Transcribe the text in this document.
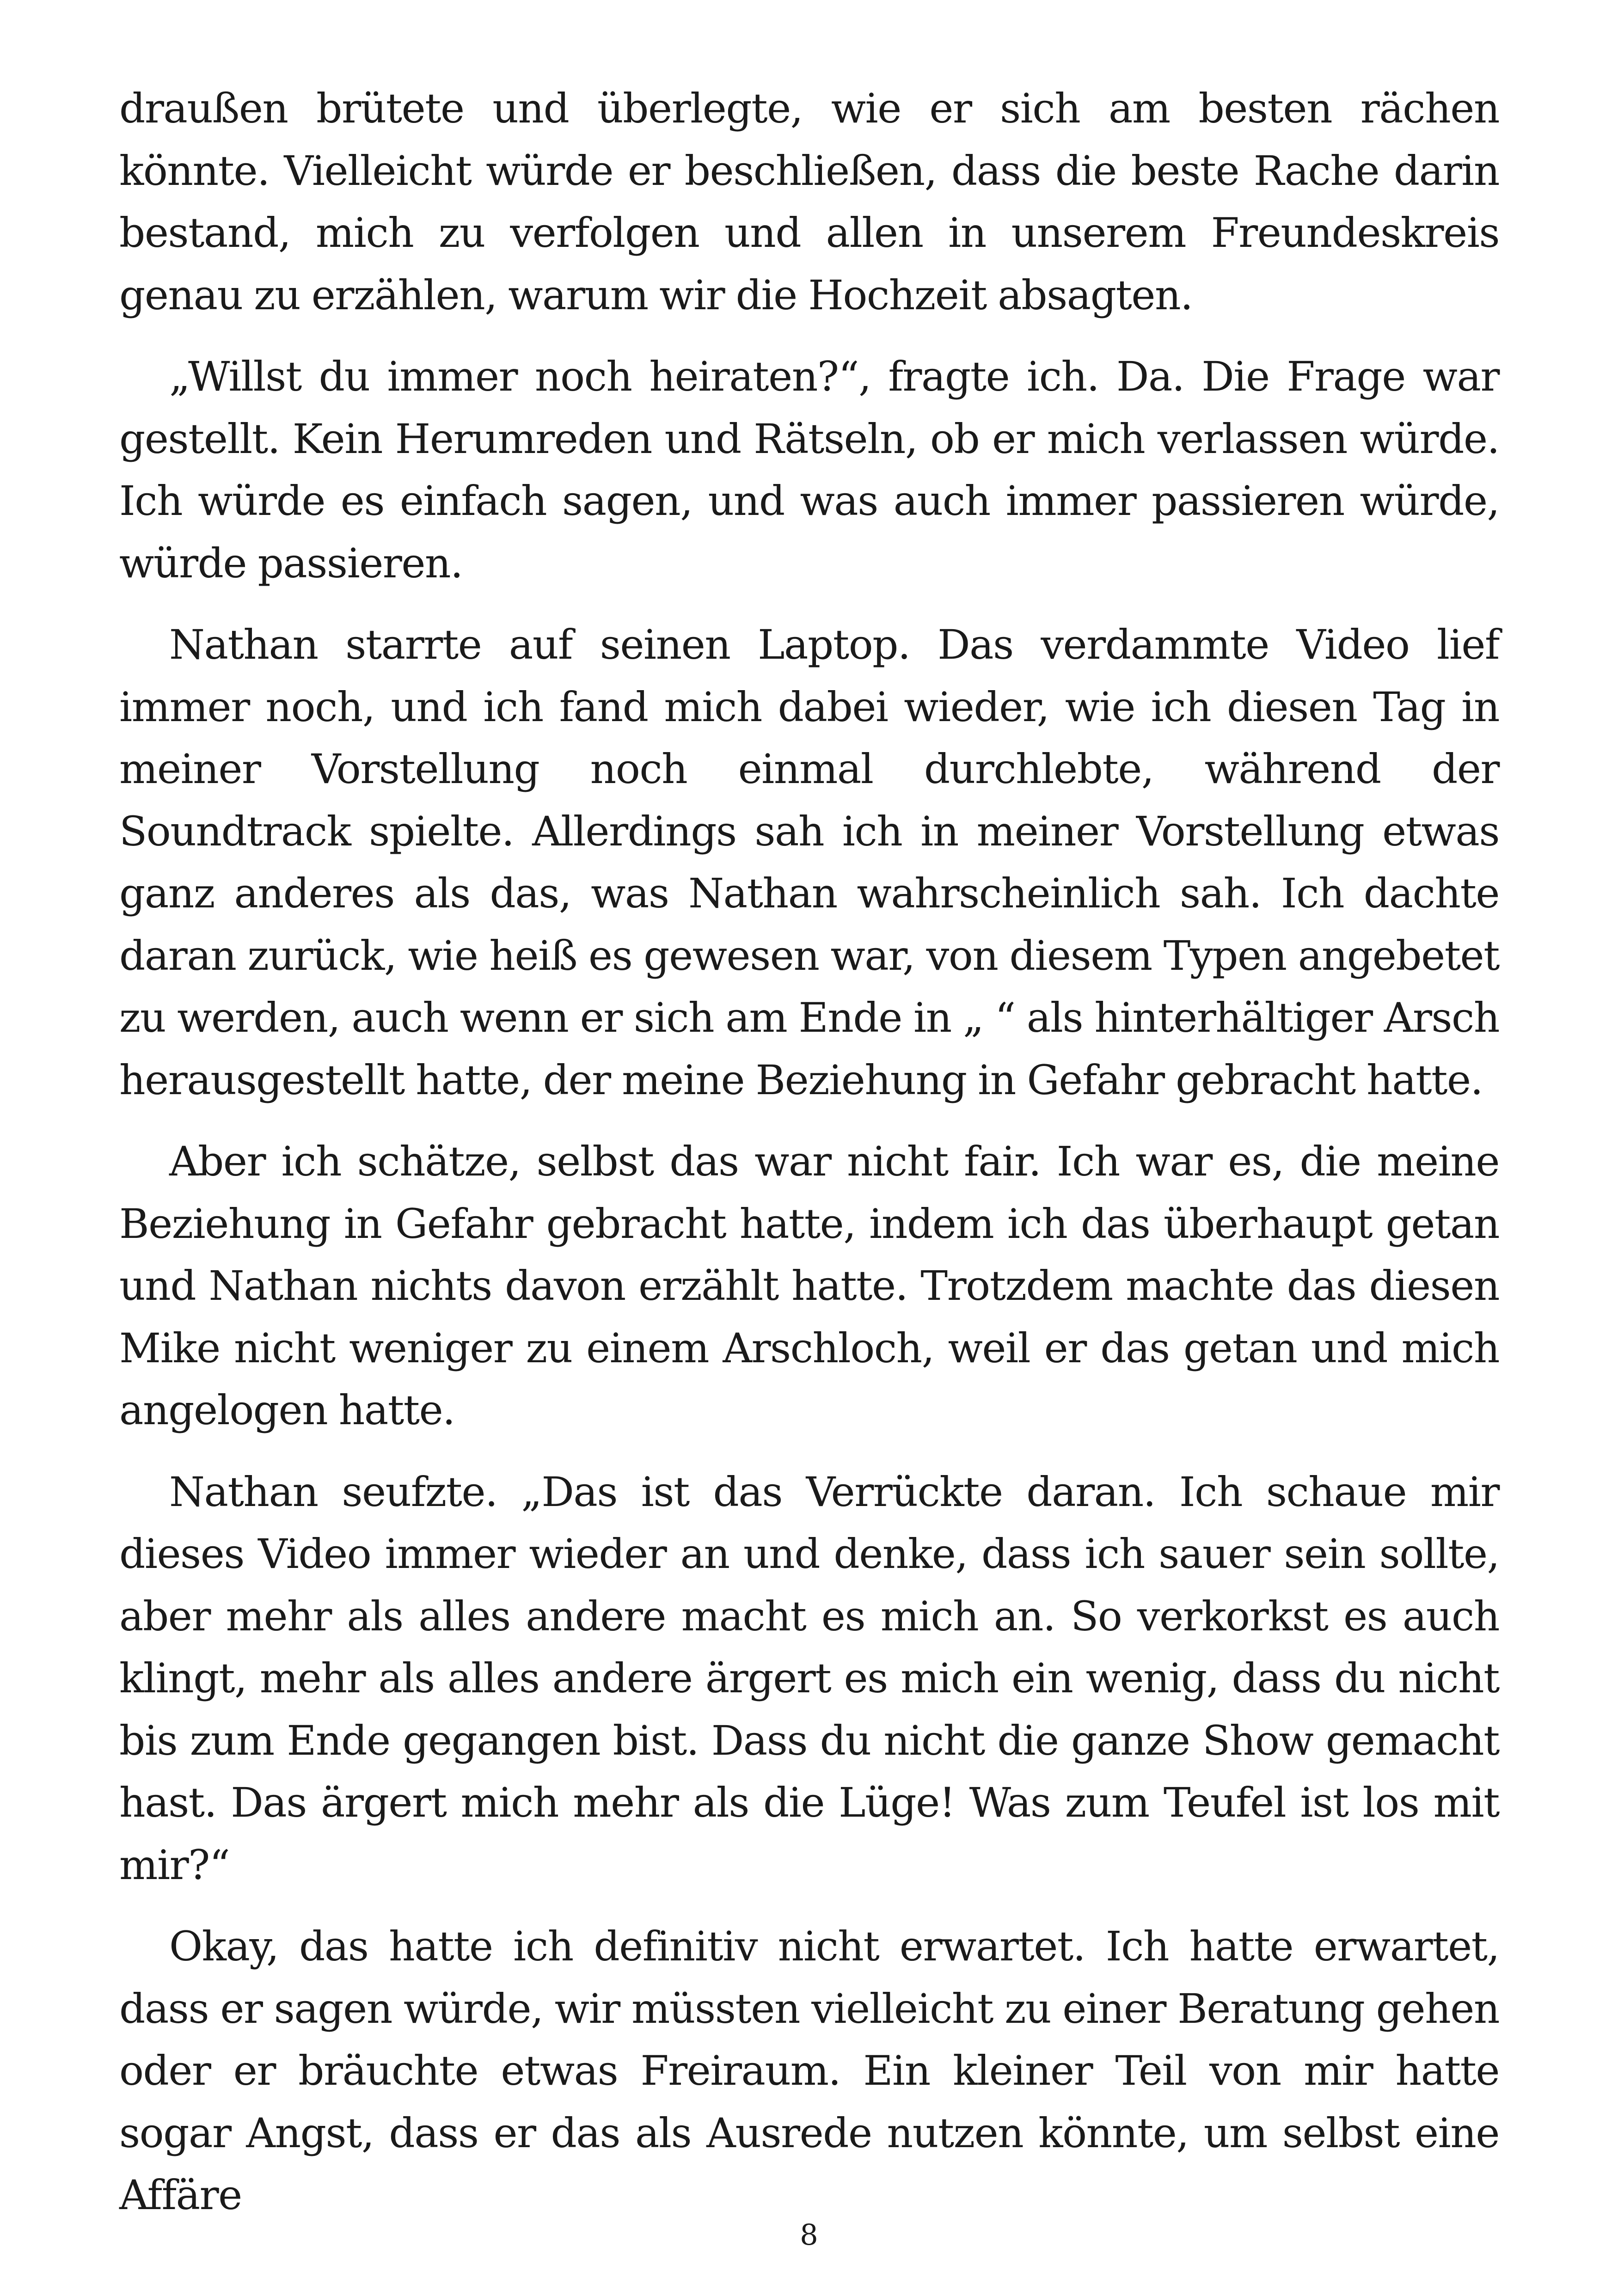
draußen brütete und überlegte, wie er sich am besten rächen könnte. Vielleicht würde er beschließen, dass die beste Rache darin bestand, mich zu verfolgen und allen in unserem Freundeskreis genau zu erzählen, warum wir die Hochzeit absagten.

„Willst du immer noch heiraten?“, fragte ich. Da. Die Frage war gestellt. Kein Herumreden und Rätseln, ob er mich verlassen würde. Ich würde es einfach sagen, und was auch immer passieren würde, würde passieren.

Nathan starrte auf seinen Laptop. Das verdammte Video lief immer noch, und ich fand mich dabei wieder, wie ich diesen Tag in meiner Vorstellung noch einmal durchlebte, während der Soundtrack spielte. Allerdings sah ich in meiner Vorstellung etwas ganz anderes als das, was Nathan wahrscheinlich sah. Ich dachte daran zurück, wie heiß es gewesen war, von diesem Typen angebetet zu werden, auch wenn er sich am Ende in „ “ als hinterhältiger Arsch herausgestellt hatte, der meine Beziehung in Gefahr gebracht hatte.

Aber ich schätze, selbst das war nicht fair. Ich war es, die meine Beziehung in Gefahr gebracht hatte, indem ich das überhaupt getan und Nathan nichts davon erzählt hatte. Trotzdem machte das diesen Mike nicht weniger zu einem Arschloch, weil er das getan und mich angelogen hatte.

Nathan seufzte. „Das ist das Verrückte daran. Ich schaue mir dieses Video immer wieder an und denke, dass ich sauer sein sollte, aber mehr als alles andere macht es mich an. So verkorkst es auch klingt, mehr als alles andere ärgert es mich ein wenig, dass du nicht bis zum Ende gegangen bist. Dass du nicht die ganze Show gemacht hast. Das ärgert mich mehr als die Lüge! Was zum Teufel ist los mit mir?“

Okay, das hatte ich definitiv nicht erwartet. Ich hatte erwartet, dass er sagen würde, wir müssten vielleicht zu einer Beratung gehen oder er bräuchte etwas Freiraum. Ein kleiner Teil von mir hatte sogar Angst, dass er das als Ausrede nutzen könnte, um selbst eine Affäre

8
